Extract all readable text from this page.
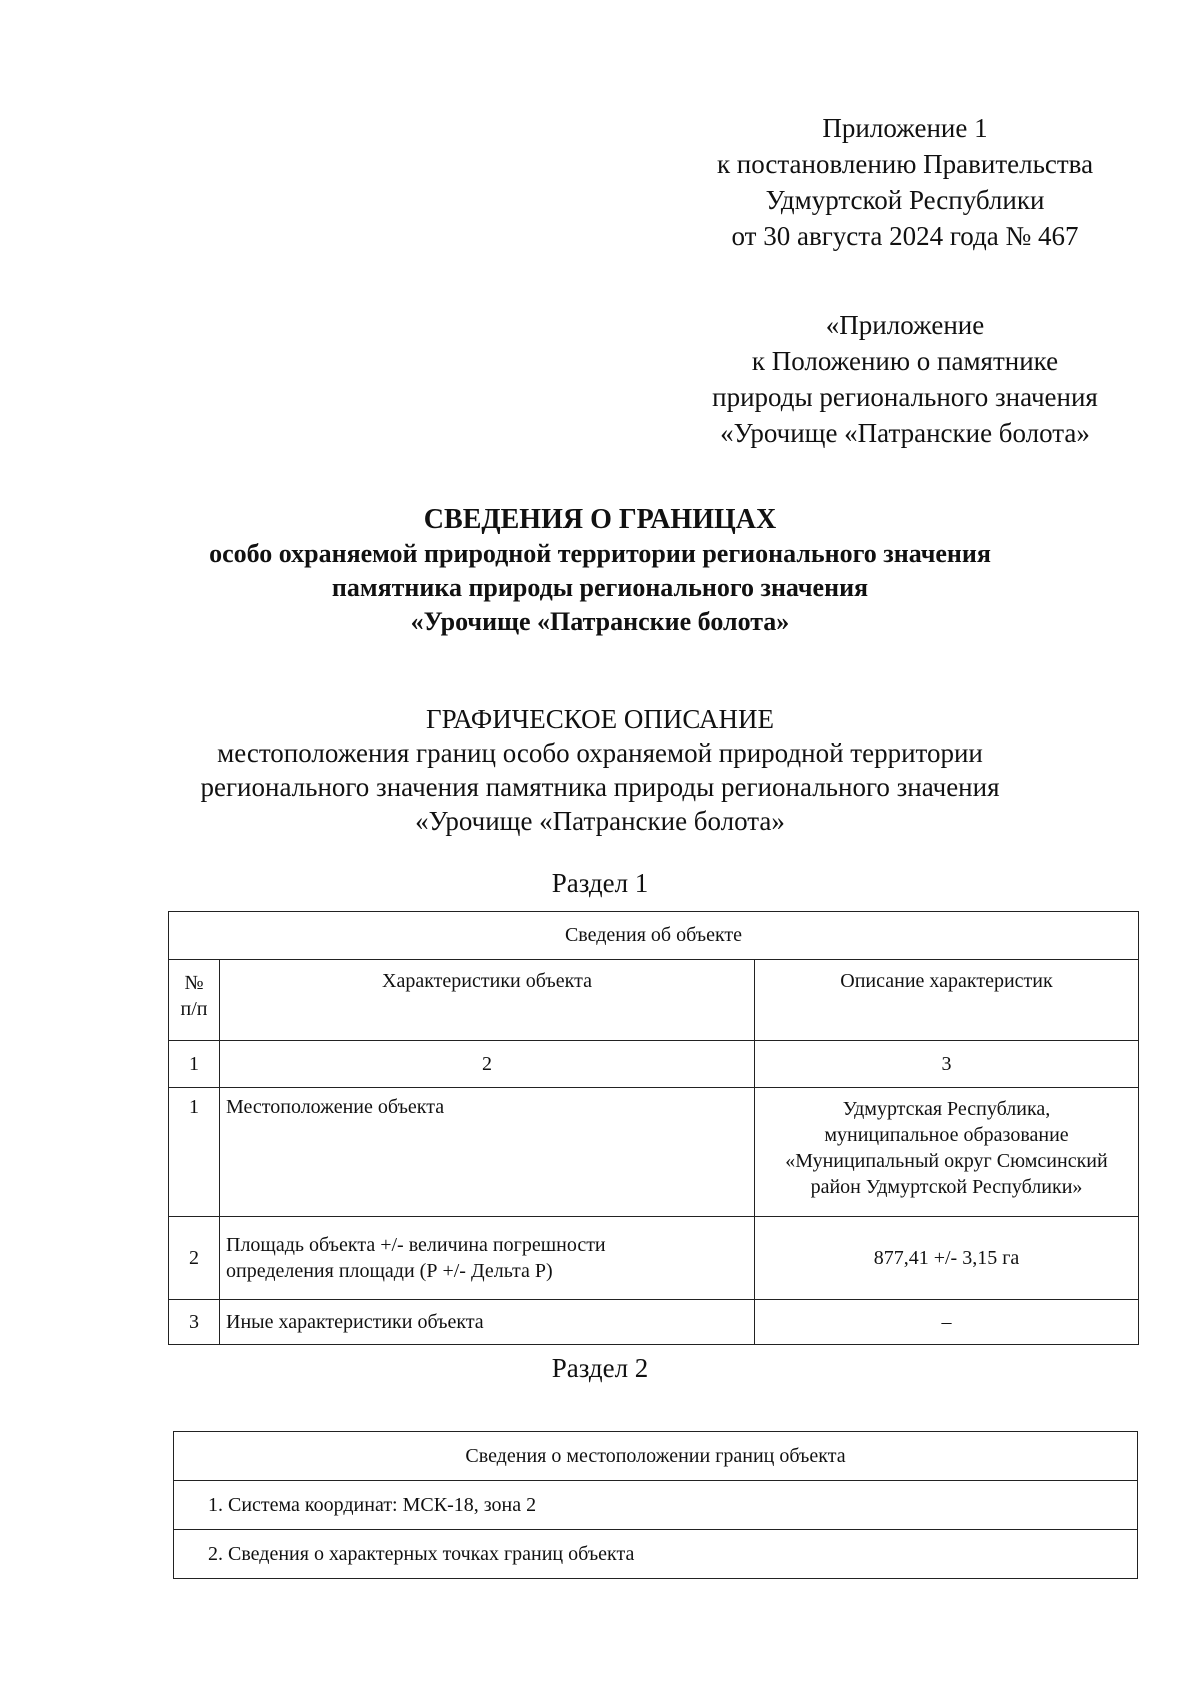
Приложение 1
к постановлению Правительства
Удмуртской Республики
от 30 августа 2024 года № 467
«Приложение
к Положению о памятнике
природы регионального значения
«Урочище «Патранские болота»
СВЕДЕНИЯ О ГРАНИЦАХ
особо охраняемой природной территории регионального значения
памятника природы регионального значения
«Урочище «Патранские болота»
ГРАФИЧЕСКОЕ ОПИСАНИЕ
местоположения границ особо охраняемой природной территории
регионального значения памятника природы регионального значения
«Урочище «Патранские болота»
Раздел 1
Сведения об объекте		
№ п/п	Характеристики объекта	Описание характеристик
1	2	3
1	Местоположение объекта	Удмуртская Республика,
муниципальное образование
«Муниципальный округ Сюмсинский
район Удмуртской Республики»

2	Площадь объекта +/- величина погрешности
определения площади (Р +/- Дельта Р)	877,41 +/- 3,15 га
3	Иные характеристики объекта	–
Раздел 2
Сведения о местоположении границ объекта
1. Система координат: МСК-18, зона 2
2. Сведения о характерных точках границ объекта
